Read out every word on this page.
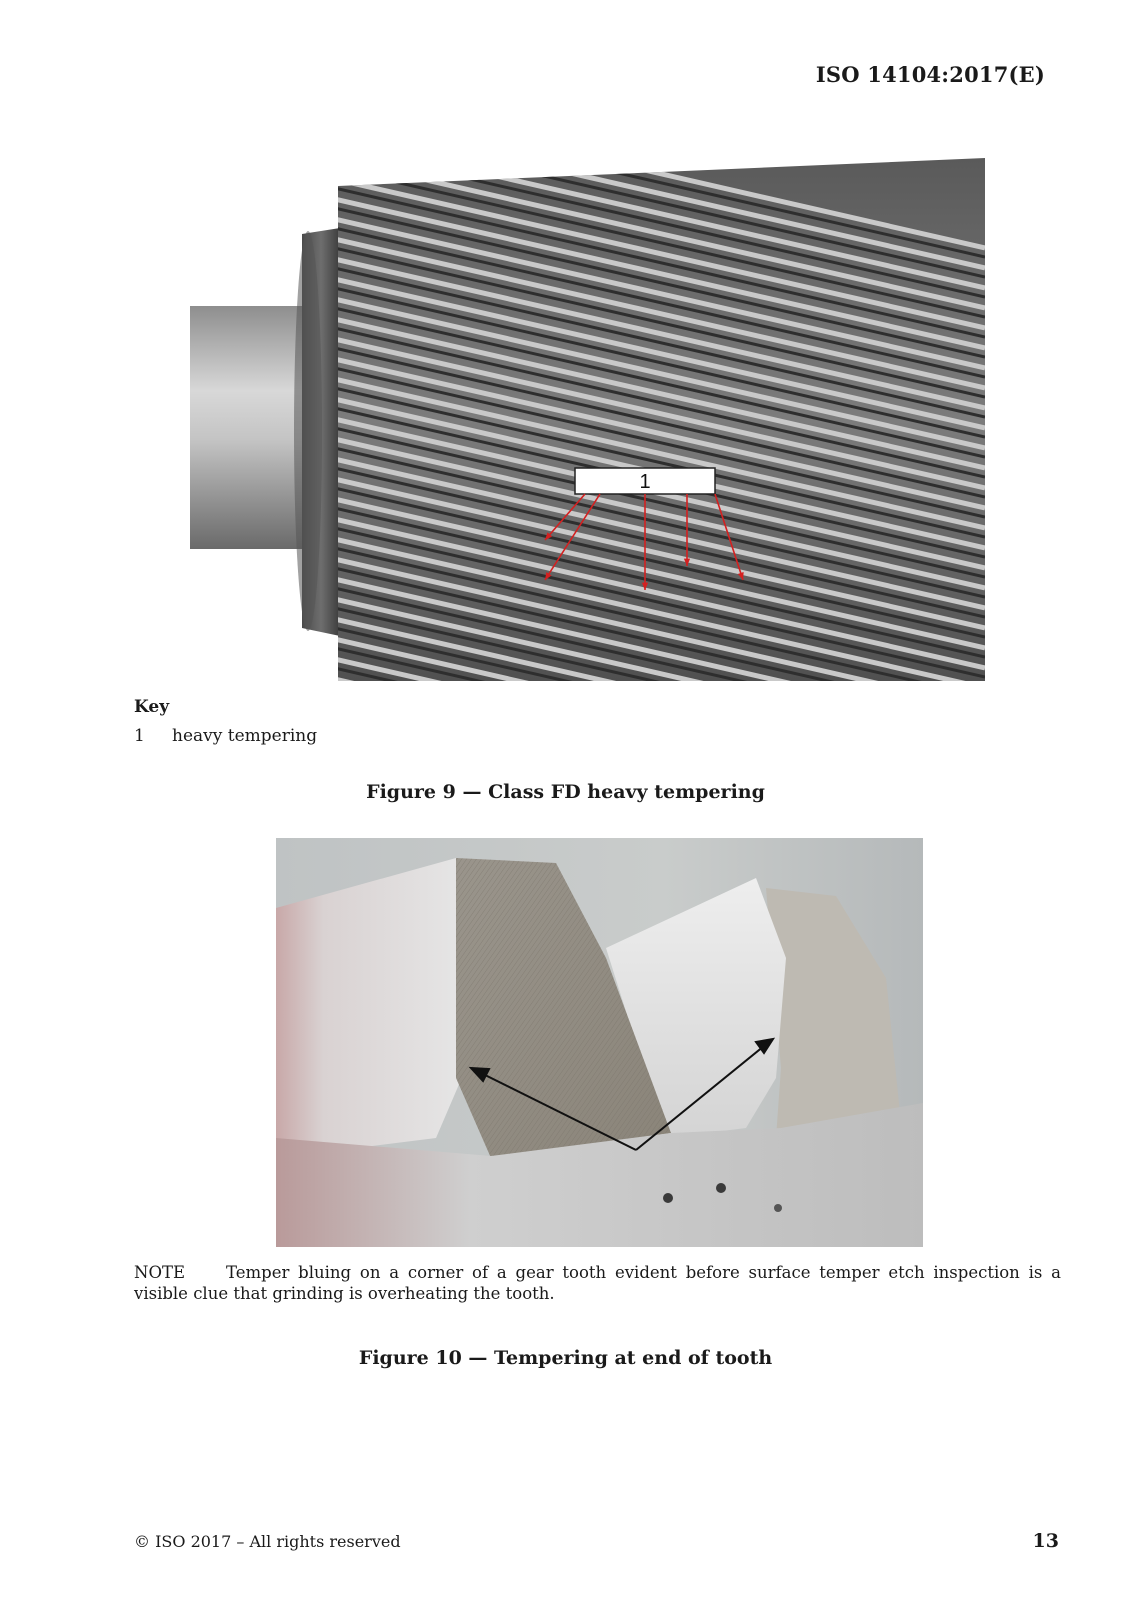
ISO 14104:2017(E)
1
Key
1 heavy tempering
Figure 9 — Class FD heavy tempering
NOTE Temper bluing on a corner of a gear tooth evident before surface temper etch inspection is a visible clue that grinding is overheating the tooth.
Figure 10 — Tempering at end of tooth
© ISO 2017 – All rights reserved	13
